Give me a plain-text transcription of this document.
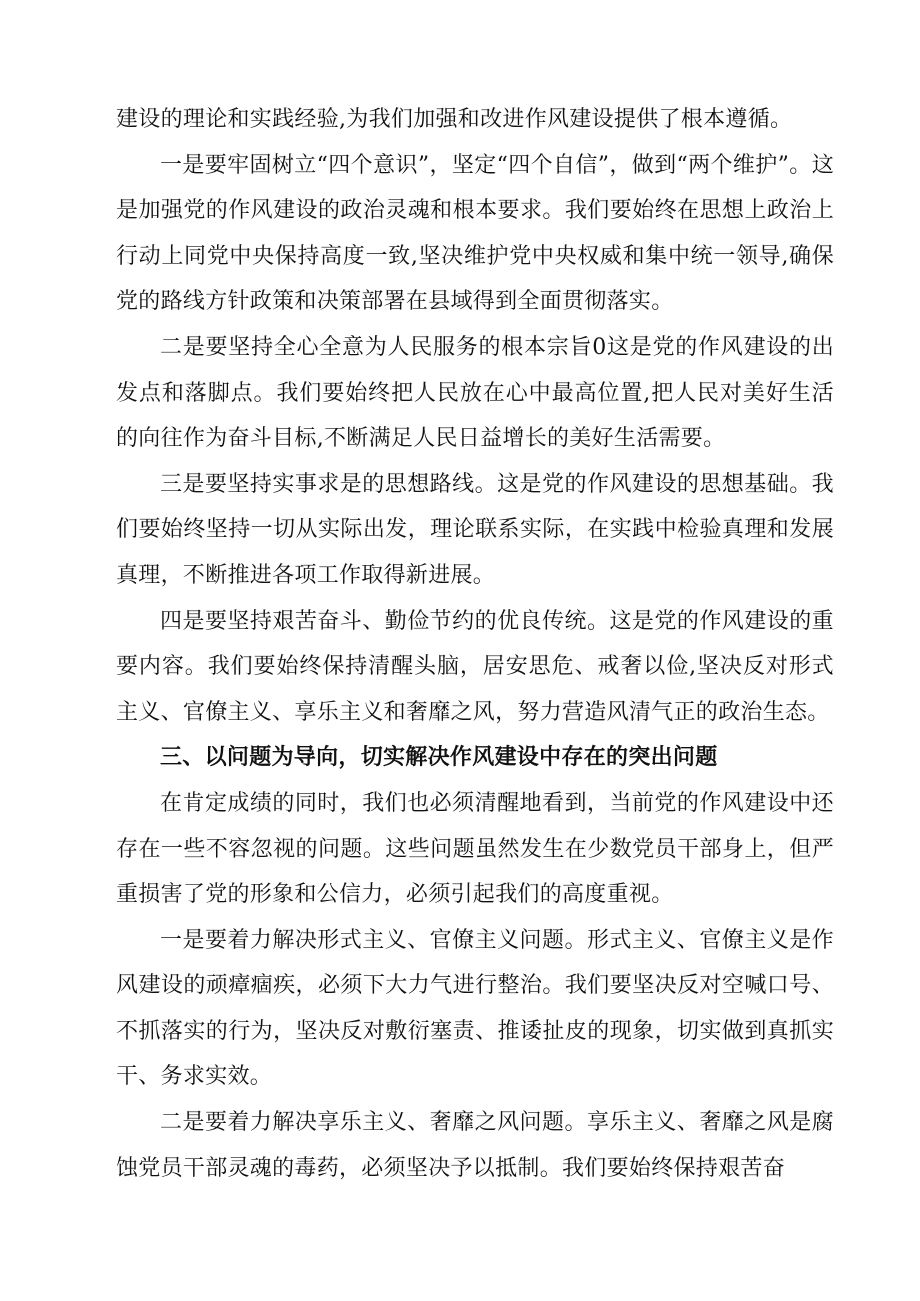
建设的理论和实践经验,为我们加强和改进作风建设提供了根本遵循。

一是要牢固树立“四个意识”，坚定“四个自信”，做到“两个维护”。这是加强党的作风建设的政治灵魂和根本要求。我们要始终在思想上政治上行动上同党中央保持高度一致,坚决维护党中央权威和集中统一领导,确保党的路线方针政策和决策部署在县域得到全面贯彻落实。

二是要坚持全心全意为人民服务的根本宗旨0这是党的作风建设的出发点和落脚点。我们要始终把人民放在心中最高位置,把人民对美好生活的向往作为奋斗目标,不断满足人民日益增长的美好生活需要。

三是要坚持实事求是的思想路线。这是党的作风建设的思想基础。我们要始终坚持一切从实际出发，理论联系实际，在实践中检验真理和发展真理，不断推进各项工作取得新进展。

四是要坚持艰苦奋斗、勤俭节约的优良传统。这是党的作风建设的重要内容。我们要始终保持清醒头脑，居安思危、戒奢以俭,坚决反对形式主义、官僚主义、享乐主义和奢靡之风，努力营造风清气正的政治生态。

三、以问题为导向，切实解决作风建设中存在的突出问题

在肯定成绩的同时，我们也必须清醒地看到，当前党的作风建设中还存在一些不容忽视的问题。这些问题虽然发生在少数党员干部身上，但严重损害了党的形象和公信力，必须引起我们的高度重视。

一是要着力解决形式主义、官僚主义问题。形式主义、官僚主义是作风建设的顽瘴痼疾，必须下大力气进行整治。我们要坚决反对空喊口号、不抓落实的行为，坚决反对敷衍塞责、推诿扯皮的现象，切实做到真抓实干、务求实效。

二是要着力解决享乐主义、奢靡之风问题。享乐主义、奢靡之风是腐蚀党员干部灵魂的毒药，必须坚决予以抵制。我们要始终保持艰苦奋
